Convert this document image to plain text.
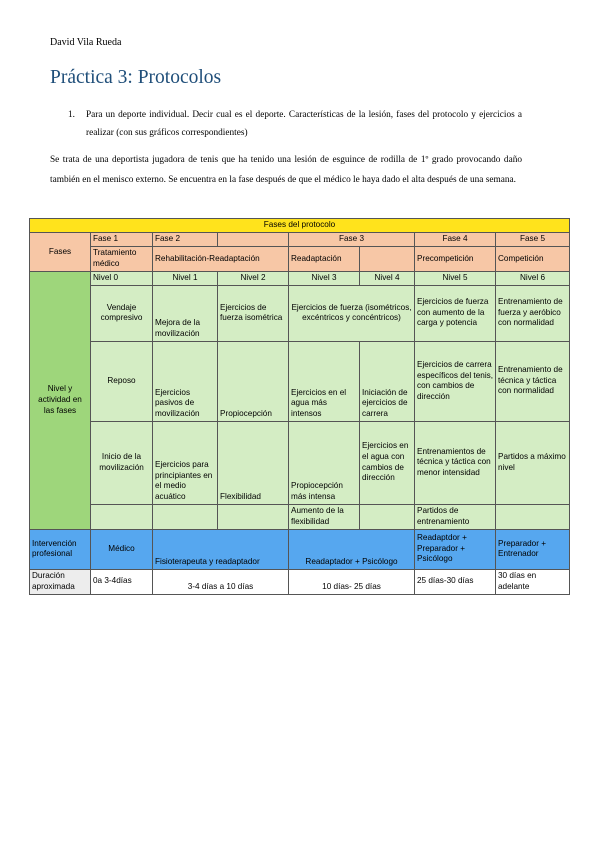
David Vila Rueda
Práctica 3: Protocolos
1. Para un deporte individual. Decir cual es el deporte. Características de la lesión, fases del protocolo y ejercicios a realizar (con sus gráficos correspondientes)
Se trata de una deportista jugadora de tenis que ha tenido una lesión de esguince de rodilla de 1º grado provocando daño también en el menisco externo. Se encuentra en la fase después de que el médico le haya dado el alta después de una semana.
Fases del protocolo							
Fases	Fase 1	Fase 2		Fase 3		Fase 4	Fase 5
	Tratamiento médico	Rehabilitación-Readaptación		Readaptación		Precompetición	Competición
Nivel y actividad en las fases	Nivel 0	Nivel 1	Nivel 2	Nivel 3	Nivel 4	Nivel 5	Nivel 6
	Vendaje compresivo	Mejora de la movilización	Ejercicios de fuerza isométrica	Ejercicios de fuerza (isométricos, excéntricos y concéntricos)		Ejercicios de fuerza con aumento de la carga y potencia	Entrenamiento de fuerza y aeróbico con normalidad
	Reposo	Ejercicios pasivos de movilización	Propiocepción	Ejercicios en el agua más intensos	Iniciación de ejercicios de carrera	Ejercicios de carrera específicos del tenis, con cambios de dirección	Entrenamiento de técnica y táctica con normalidad
	Inicio de la movilización	Ejercicios para principiantes en el medio acuático	Flexibilidad	Propiocepción más intensa	Ejercicios en el agua con cambios de dirección	Entrenamientos de técnica y táctica con menor intensidad	Partidos a máximo nivel
				Aumento de la flexibilidad		Partidos de entrenamiento	
Intervención profesional	Médico	Fisioterapeuta y readaptador		Readaptador + Psicólogo		Readaptdor + Preparador + Psicólogo	Preparador + Entrenador
Duración aproximada	0a 3-4días	3-4 días a 10 días		10 días- 25 días		25 días-30 días	30 días en adelante
